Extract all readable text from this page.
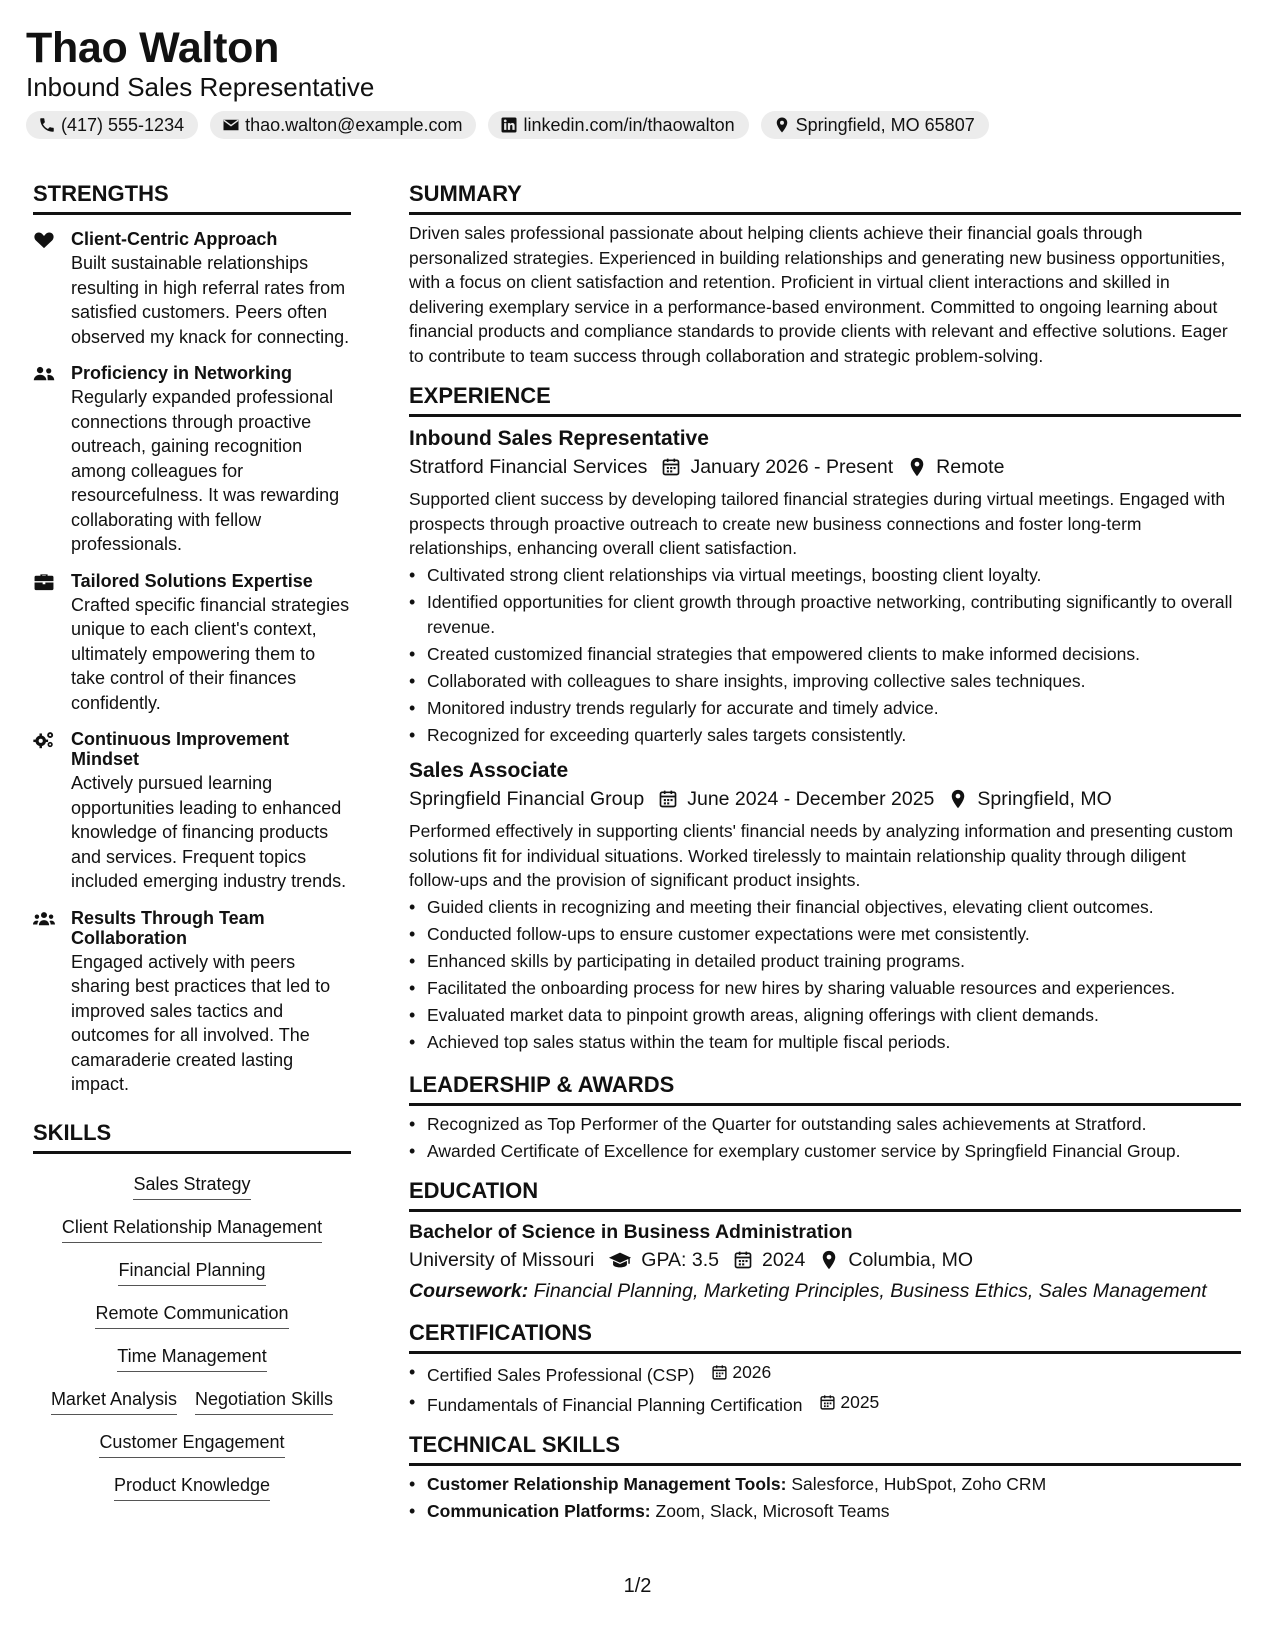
Thao Walton
Inbound Sales Representative
(417) 555-1234	thao.walton@example.com	linkedin.com/in/thaowalton	Springfield, MO 65807
STRENGTHS
Client-Centric Approach
Built sustainable relationships resulting in high referral rates from satisfied customers. Peers often observed my knack for connecting.
Proficiency in Networking
Regularly expanded professional connections through proactive outreach, gaining recognition among colleagues for resourcefulness. It was rewarding collaborating with fellow professionals.
Tailored Solutions Expertise
Crafted specific financial strategies unique to each client's context, ultimately empowering them to take control of their finances confidently.
Continuous Improvement Mindset
Actively pursued learning opportunities leading to enhanced knowledge of financing products and services. Frequent topics included emerging industry trends.
Results Through Team Collaboration
Engaged actively with peers sharing best practices that led to improved sales tactics and outcomes for all involved. The camaraderie created lasting impact.
SKILLS
Sales Strategy
Client Relationship Management
Financial Planning
Remote Communication
Time Management
Market Analysis Negotiation Skills
Customer Engagement
Product Knowledge
SUMMARY
Driven sales professional passionate about helping clients achieve their financial goals through personalized strategies. Experienced in building relationships and generating new business opportunities, with a focus on client satisfaction and retention. Proficient in virtual client interactions and skilled in delivering exemplary service in a performance-based environment. Committed to ongoing learning about financial products and compliance standards to provide clients with relevant and effective solutions. Eager to contribute to team success through collaboration and strategic problem-solving.
EXPERIENCE
Inbound Sales Representative
Stratford Financial Services January 2026 - Present Remote
Supported client success by developing tailored financial strategies during virtual meetings. Engaged with prospects through proactive outreach to create new business connections and foster long-term relationships, enhancing overall client satisfaction.
• Cultivated strong client relationships via virtual meetings, boosting client loyalty.
• Identified opportunities for client growth through proactive networking, contributing significantly to overall revenue.
• Created customized financial strategies that empowered clients to make informed decisions.
• Collaborated with colleagues to share insights, improving collective sales techniques.
• Monitored industry trends regularly for accurate and timely advice.
• Recognized for exceeding quarterly sales targets consistently.
Sales Associate
Springfield Financial Group June 2024 - December 2025 Springfield, MO
Performed effectively in supporting clients' financial needs by analyzing information and presenting custom solutions fit for individual situations. Worked tirelessly to maintain relationship quality through diligent follow-ups and the provision of significant product insights.
• Guided clients in recognizing and meeting their financial objectives, elevating client outcomes.
• Conducted follow-ups to ensure customer expectations were met consistently.
• Enhanced skills by participating in detailed product training programs.
• Facilitated the onboarding process for new hires by sharing valuable resources and experiences.
• Evaluated market data to pinpoint growth areas, aligning offerings with client demands.
• Achieved top sales status within the team for multiple fiscal periods.
LEADERSHIP & AWARDS
• Recognized as Top Performer of the Quarter for outstanding sales achievements at Stratford.
• Awarded Certificate of Excellence for exemplary customer service by Springfield Financial Group.
EDUCATION
Bachelor of Science in Business Administration
University of Missouri GPA: 3.5 2024 Columbia, MO
Coursework: Financial Planning, Marketing Principles, Business Ethics, Sales Management
CERTIFICATIONS
• Certified Sales Professional (CSP) 2026
• Fundamentals of Financial Planning Certification 2025
TECHNICAL SKILLS
• Customer Relationship Management Tools: Salesforce, HubSpot, Zoho CRM
• Communication Platforms: Zoom, Slack, Microsoft Teams
1/2
